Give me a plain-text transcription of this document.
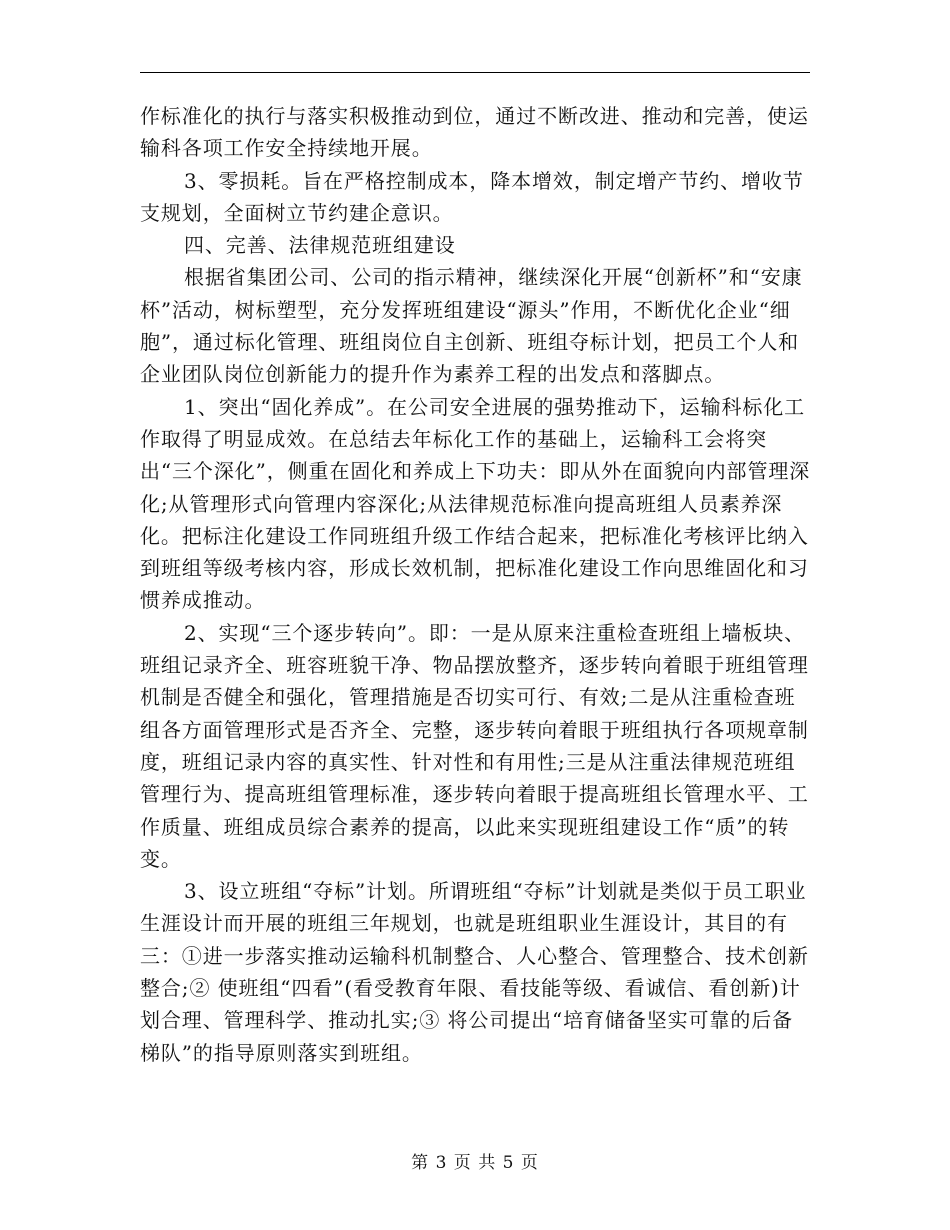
作标准化的执行与落实积极推动到位，通过不断改进、推动和完善，使运输科各项工作安全持续地开展。

3、零损耗。旨在严格控制成本，降本增效，制定增产节约、增收节支规划，全面树立节约建企意识。

四、完善、法律规范班组建设

根据省集团公司、公司的指示精神，继续深化开展“创新杯”和“安康杯”活动，树标塑型，充分发挥班组建设“源头”作用，不断优化企业“细胞”，通过标化管理、班组岗位自主创新、班组夺标计划，把员工个人和企业团队岗位创新能力的提升作为素养工程的出发点和落脚点。

1、突出“固化养成”。在公司安全进展的强势推动下，运输科标化工作取得了明显成效。在总结去年标化工作的基础上，运输科工会将突出“三个深化”，侧重在固化和养成上下功夫：即从外在面貌向内部管理深化;从管理形式向管理内容深化;从法律规范标准向提高班组人员素养深化。把标注化建设工作同班组升级工作结合起来，把标准化考核评比纳入到班组等级考核内容，形成长效机制，把标准化建设工作向思维固化和习惯养成推动。

2、实现“三个逐步转向”。即：一是从原来注重检查班组上墙板块、班组记录齐全、班容班貌干净、物品摆放整齐，逐步转向着眼于班组管理机制是否健全和强化，管理措施是否切实可行、有效;二是从注重检查班组各方面管理形式是否齐全、完整，逐步转向着眼于班组执行各项规章制度，班组记录内容的真实性、针对性和有用性;三是从注重法律规范班组管理行为、提高班组管理标准，逐步转向着眼于提高班组长管理水平、工作质量、班组成员综合素养的提高，以此来实现班组建设工作“质”的转变。

3、设立班组“夺标”计划。所谓班组“夺标”计划就是类似于员工职业生涯设计而开展的班组三年规划，也就是班组职业生涯设计，其目的有三：①进一步落实推动运输科机制整合、人心整合、管理整合、技术创新整合;② 使班组“四看”(看受教育年限、看技能等级、看诚信、看创新)计划合理、管理科学、推动扎实;③ 将公司提出“培育储备坚实可靠的后备梯队”的指导原则落实到班组。

第 3 页 共 5 页
